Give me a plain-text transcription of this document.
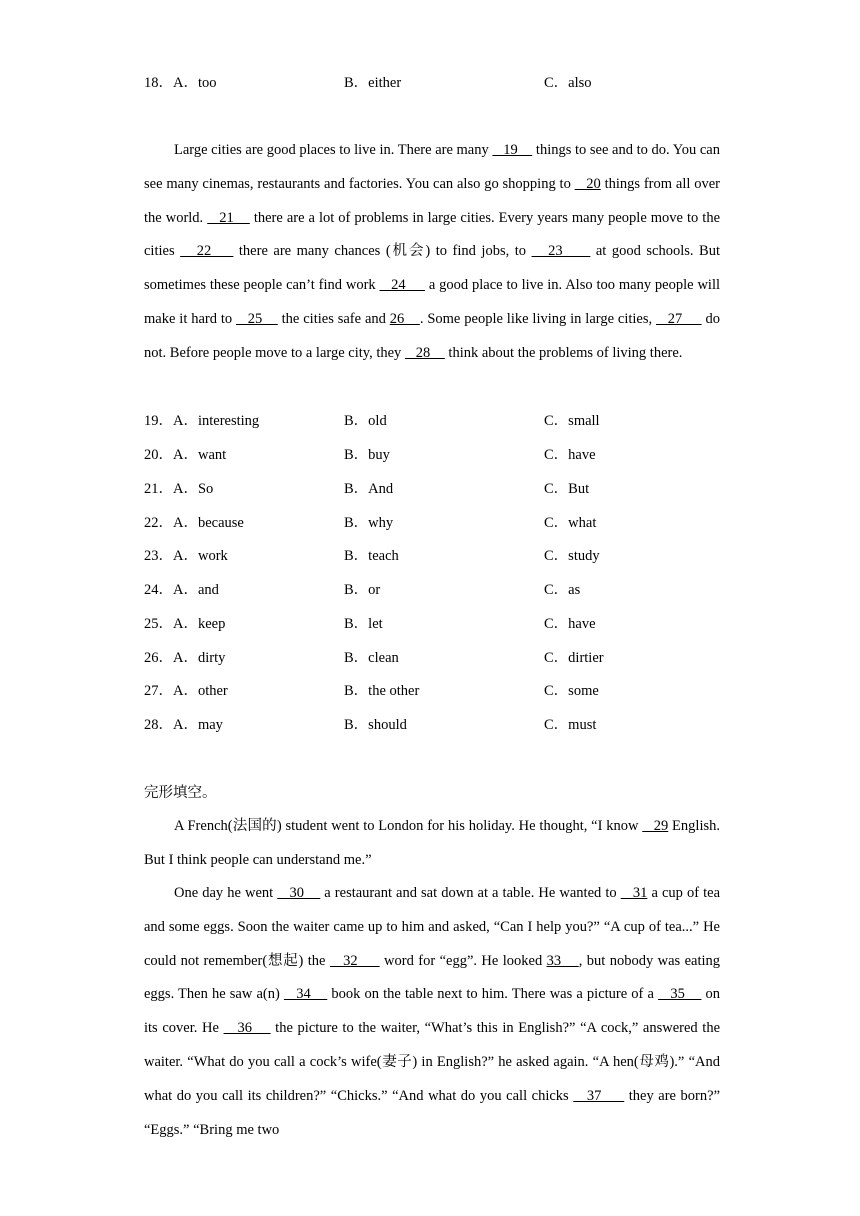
18．A．too	B．either	C．also
Large cities are good places to live in. There are many    19     things to see and to do. You can see many cinemas, restaurants and factories. You can also go shopping to    20 things from all over the world.    21     there are a lot of problems in large cities. Every years many people move to the cities    22     there are many chances (机会) to find jobs, to    23      at good schools. But sometimes these people can’t find work    24      a good place to live in. Also too many people will make it hard to    25     the cities safe and 26    . Some people like living in large cities,    27      do not. Before people move to a large city, they    28     think about the problems of living there.
19．A．interesting	B．old	C．small
20．A．want	B．buy	C．have
21．A．So	B．And	C．But
22．A．because	B．why	C．what
23．A．work	B．teach	C．study
24．A．and	B．or	C．as
25．A．keep	B．let	C．have
26．A．dirty	B．clean	C．dirtier
27．A．other	B．the other	C．some
28．A．may	B．should	C．must
完形填空。
A French(法国的) student went to London for his holiday. He thought, “I know    29 English. But I think people can understand me.”
One day he went    30     a restaurant and sat down at a table. He wanted to    31 a cup of tea and some eggs. Soon the waiter came up to him and asked, “Can I help you?” “A cup of tea...” He could not remember(想起) the    32      word for “egg”. He looked 33    , but nobody was eating eggs. Then he saw a(n)    34     book on the table next to him. There was a picture of a    35     on its cover. He    36     the picture to the waiter, “What’s this in English?” “A cock,” answered the waiter. “What do you call a cock’s wife(妻子) in English?” he asked again. “A hen(母鸡).” “And what do you call its children?” “Chicks.” “And what do you call chicks    37      they are born?” “Eggs.” “Bring me two
